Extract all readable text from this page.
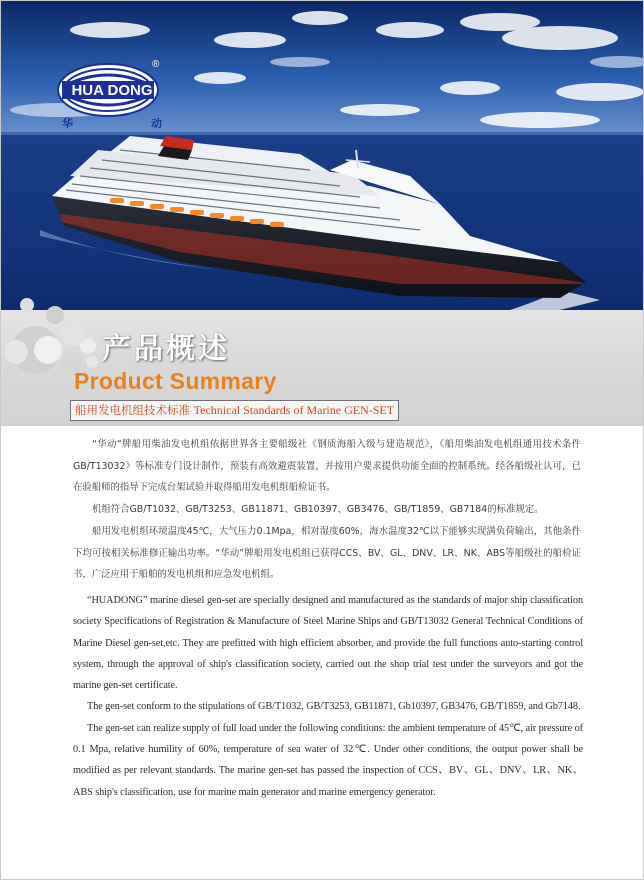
HUA DONG
®
华	动
产品概述
Product Summary
船用发电机组技术标准 Technical Standards of Marine GEN-SET

“华动”牌船用柴油发电机组依据世界各主要船级社《钢质海船入级与建造规范》，《船用柴油发电机组通用技术条件GB/T13032》等标准专门设计制作，预装有高效避震装置，并按用户要求提供功能全面的控制系统。经各船级社认可，已在验船师的指导下完成台架试验并取得船用发电机组船检证书。

机组符合GB/T1032、GB/T3253、GB11871、GB10397、GB3476、GB/T1859、GB7184的标准规定。

船用发电机组环境温度45℃，大气压力0.1Mpa，相对湿度60%，海水温度32℃以下能够实现满负荷输出，其他条件下均可按相关标准修正输出功率。“华动”牌船用发电机组已获得CCS、BV、GL、DNV、LR、NK、ABS等船级社的船检证书，广泛应用于船舶的发电机组和应急发电机组。

“HUADONG” marine diesel gen-set are specially designed and manufactured as the standards of major ship classification society Specifications of Registration & Manufacture of Steel Marine Ships and GB/T13032 General Technical Conditions of Marine Diesel gen-set,etc. They are prefitted with high efficient absorber, and provide the full functions auto-starting control system, through the approval of ship's classification society, carried out the shop trial test under the surveyors and got the marine gen-set certificate.

The gen-set conform to the stipulations of GB/T1032, GB/T3253, GB11871, Gb10397, GB3476, GB/T1859, and Gb7148.

The gen-set can realize supply of full load under the following conditions: the ambient temperature of 45℃, air pressure of 0.1 Mpa, relative humility of 60%, temperature of sea water of 32℃. Under other conditions, the output power shall be modified as per relevant standards. The marine gen-set has passed the inspection of CCS、BV、GL、DNV、LR、NK、ABS ship's classification, use for marine main generator and marine emergency generator.
